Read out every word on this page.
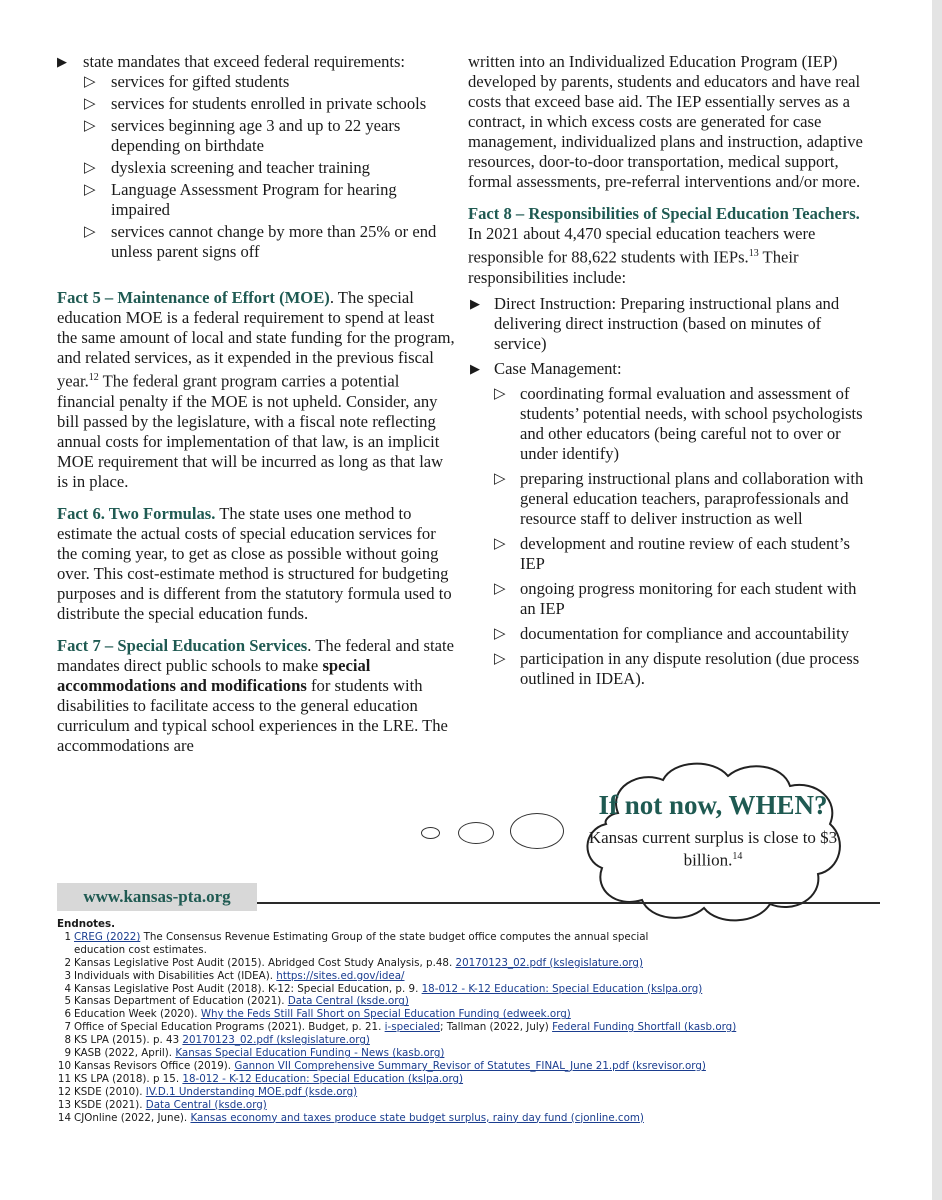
▶ state mandates that exceed federal requirements:
▷ services for gifted students
▷ services for students enrolled in private schools
▷ services beginning age 3 and up to 22 years depending on birthdate
▷ dyslexia screening and teacher training
▷ Language Assessment Program for hearing impaired
▷ services cannot change by more than 25% or end unless parent signs off

Fact 5 – Maintenance of Effort (MOE). The special education MOE is a federal requirement to spend at least the same amount of local and state funding for the program, and related services, as it expended in the previous fiscal year.$^{12}$ The federal grant program carries a potential financial penalty if the MOE is not upheld. Consider, any bill passed by the legislature, with a fiscal note reflecting annual costs for implementation of that law, is an implicit MOE requirement that will be incurred as long as that law is in place.

Fact 6. Two Formulas. The state uses one method to estimate the actual costs of special education services for the coming year, to get as close as possible without going over. This cost-estimate method is structured for budgeting purposes and is different from the statutory formula used to distribute the special education funds.

Fact 7 – Special Education Services. The federal and state mandates direct public schools to make special accommodations and modifications for students with disabilities to facilitate access to the general education curriculum and typical school experiences in the LRE. The accommodations are

written into an Individualized Education Program (IEP) developed by parents, students and educators and have real costs that exceed base aid. The IEP essentially serves as a contract, in which excess costs are generated for case management, individualized plans and instruction, adaptive resources, door-to-door transportation, medical support, formal assessments, pre-referral interventions and/or more.

Fact 8 – Responsibilities of Special Education Teachers. In 2021 about 4,470 special education teachers were responsible for 88,622 students with IEPs.$^{13}$ Their responsibilities include:

▶ Direct Instruction: Preparing instructional plans and delivering direct instruction (based on minutes of service)
▶ Case Management:
▷ coordinating formal evaluation and assessment of students’ potential needs, with school psychologists and other educators (being careful not to over or under identify)
▷ preparing instructional plans and collaboration with general education teachers, paraprofessionals and resource staff to deliver instruction as well
▷ development and routine review of each student’s IEP
▷ ongoing progress monitoring for each student with an IEP
▷ documentation for compliance and accountability
▷ participation in any dispute resolution (due process outlined in IDEA).
If not now, WHEN?
Kansas current surplus is close to $3 billion.$^{14}$
www.kansas-pta.org
Endnotes.
1 CREG (2022) The Consensus Revenue Estimating Group of the state budget office computes the annual special
education cost estimates.
2 Kansas Legislative Post Audit (2015). Abridged Cost Study Analysis, p.48. 20170123_02.pdf (kslegislature.org)
3 Individuals with Disabilities Act (IDEA). https://sites.ed.gov/idea/
4 Kansas Legislative Post Audit (2018). K-12: Special Education, p. 9. 18-012 - K-12 Education: Special Education (kslpa.org)
5 Kansas Department of Education (2021). Data Central (ksde.org)
6 Education Week (2020). Why the Feds Still Fall Short on Special Education Funding (edweek.org)
7 Office of Special Education Programs (2021). Budget, p. 21. i-specialed; Tallman (2022, July) Federal Funding Shortfall (kasb.org)
8 KS LPA (2015). p. 43 20170123_02.pdf (kslegislature.org)
9 KASB (2022, April). Kansas Special Education Funding - News (kasb.org)
10 Kansas Revisors Office (2019). Gannon VII Comprehensive Summary_Revisor of Statutes_FINAL_June 21.pdf (ksrevisor.org)
11 KS LPA (2018). p 15. 18-012 - K-12 Education: Special Education (kslpa.org)
12 KSDE (2010). IV.D.1 Understanding MOE.pdf (ksde.org)
13 KSDE (2021). Data Central (ksde.org)
14 CJOnline (2022, June). Kansas economy and taxes produce state budget surplus, rainy day fund (cjonline.com)
